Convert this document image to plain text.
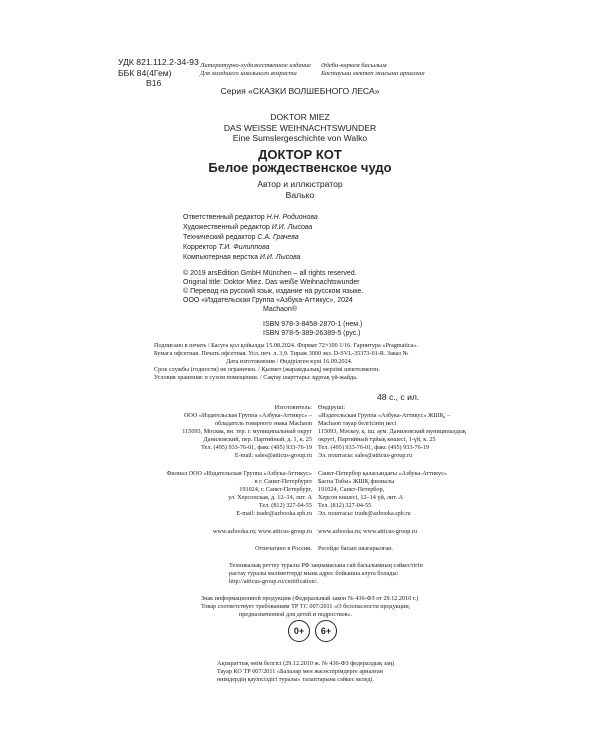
УДК 821.112.2-34-93
ББК 84(4Гем)
В16
Литературно-художественное издание
Для младшего школьного возраста
Әдеби-көркем басылым
Бастауыш мектеп жасына арналған
Серия «СКАЗКИ ВОЛШЕБНОГО ЛЕСА»
DOKTOR MIEZ
DAS WEISSE WEIHNACHTSWUNDER
Eine Sumslergeschichte von Walko
ДОКТОР КОТ
Белое рождественское чудо
Автор и иллюстратор
Валько
Ответственный редактор Н.Н. Родионова
Художественный редактор И.И. Лысова
Технический редактор С.А. Грачева
Корректор Т.И. Филиппова
Компьютерная верстка И.И. Лысова
© 2019 arsEdition GmbH München – all rights reserved.
Original title: Doktor Miez. Das weiße Weihnachtswunder
© Перевод на русский язык, издание на русском языке.
ООО «Издательская Группа «Азбука-Аттикус», 2024
Machaon®
ISBN 978-3-8458-2870-1 (нем.)
ISBN 978-5-389-26389-5 (рус.)
Подписано в печать / Басуға қол қойылды 15.08.2024. Формат 72×100 1/16. Гарнитура «Pragmatica».
Бумага офсетная. Печать офсетная. Усл. печ. л. 3,9. Тираж 3000 экз. D-SVL-35373-01-R. Заказ №
Дата изготовления / Өндірілген күні 16.09.2024.
Срок службы (годности) не ограничен. / Қызмет (жарамдылық) мерзімі шектелмеген.
Условия хранения: в сухом помещении. / Сақтау шарттары: құрғақ үй-жайда.
48 с., с ил.
Изготовитель:
ООО «Издательская Группа «Азбука-Аттикус» –
обладатель товарного знака Machaon
115093, Москва, вн. тер. г. муниципальный округ
Даниловский, пер. Партийный, д. 1, к. 25
Тел. (495) 933-76-01, факс (495) 933-76-19
E-mail: sales@atticus-group.ru
Өндіруші:
«Издательская Группа «Азбука-Аттикус» ЖШҚ, –
Machaon тауар белгісінің иесі
115093, Мәскеу, қ. іш. аум. Даниловский муниципалдық
округі, Партийный тұйық көшесі, 1-үй, к. 25
Тел. (495) 933-76-01, факс (495) 933-76-19
Эл. поштасы: sales@atticus-group.ru
Филиал ООО «Издательская Группа «Азбука-Аттикус»
в г. Санкт-Петербурге
191024, г. Санкт-Петербург,
ул. Херсонская, д. 12–14, лит. А
Тел. (812) 327-04-55
E-mail: trade@azbooka.spb.ru
Санкт-Петербор қаласындағы «Азбука-Аттикус»
Баспа Тобы» ЖШҚ филиалы
191024, Санкт-Петербор,
Херсон көшесі, 12–14 үй, лит. А
Тел. (812) 327-04-55
Эл. поштасы: trade@azbooka.spb.ru
www.azbooka.ru; www.atticus-group.ru www.azbooka.ru; www.atticus-group.ru
Отпечатано в России. Ресейде басып шығарылған.
Техникалық реттеу туралы РФ заңнамасына сай басылымның сәйкестігін
растау туралы мәліметтерді мына адрес бойынша алуға болады:
http://atticus-group.ru/certification/.
Знак информационной продукции (Федеральный закон № 436-ФЗ от 29.12.2010 г.)
Товар соответствует требованиям ТР ТС 007/2011 «О безопасности продукции,
предназначенной для детей и подростков».
0+	6+
Ақпараттық өнім белгісі (29.12.2010 ж. № 436-ФЗ федералдық заң)
Тауар КО ТР 007/2011 «Балалар мен жасөспірімдерге арналған
өнімдердің қауіпсіздігі туралы» талаптарына сәйкес келеді.
